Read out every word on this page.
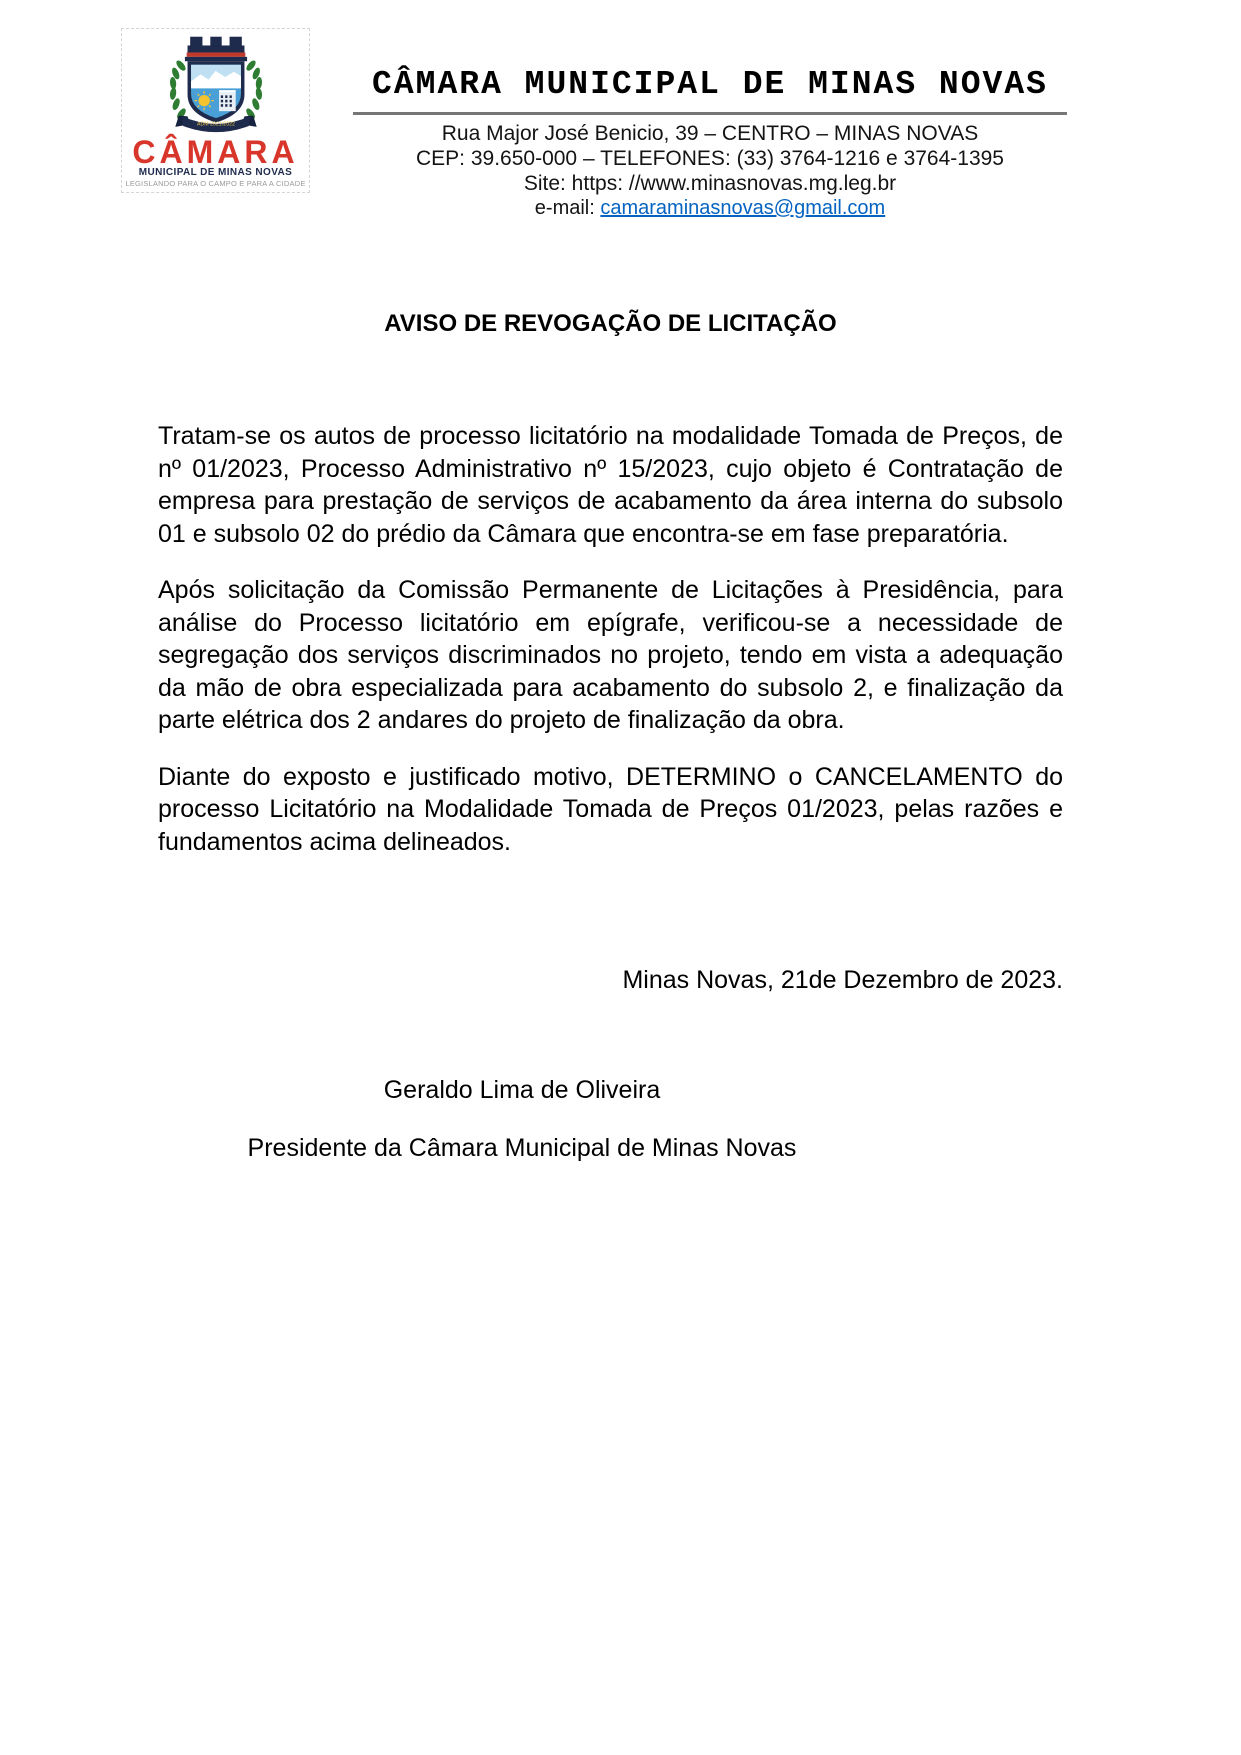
ADM 2021/2022
CÂMARA
MUNICIPAL DE MINAS NOVAS
LEGISLANDO PARA O CAMPO E PARA A CIDADE
CÂMARA MUNICIPAL DE MINAS NOVAS
Rua Major José Benicio, 39 – CENTRO – MINAS NOVAS
CEP: 39.650-000 – TELEFONES: (33) 3764-1216 e 3764-1395
Site: https: //www.minasnovas.mg.leg.br
e-mail: camaraminasnovas@gmail.com
AVISO DE REVOGAÇÃO DE LICITAÇÃO

Tratam-se os autos de processo licitatório na modalidade Tomada de Preços, de nº 01/2023, Processo Administrativo nº 15/2023, cujo objeto é Contratação de empresa para prestação de serviços de acabamento da área interna do subsolo 01 e subsolo 02 do prédio da Câmara que encontra-se em fase preparatória.

Após solicitação da Comissão Permanente de Licitações à Presidência, para análise do Processo licitatório em epígrafe, verificou-se a necessidade de segregação dos serviços discriminados no projeto, tendo em vista a adequação da mão de obra especializada para acabamento do subsolo 2, e finalização da parte elétrica dos 2 andares do projeto de finalização da obra.

Diante do exposto e justificado motivo, DETERMINO o CANCELAMENTO do processo Licitatório na Modalidade Tomada de Preços 01/2023, pelas razões e fundamentos acima delineados.

Minas Novas, 21de Dezembro de 2023.
Geraldo Lima de Oliveira
Presidente da Câmara Municipal de Minas Novas
